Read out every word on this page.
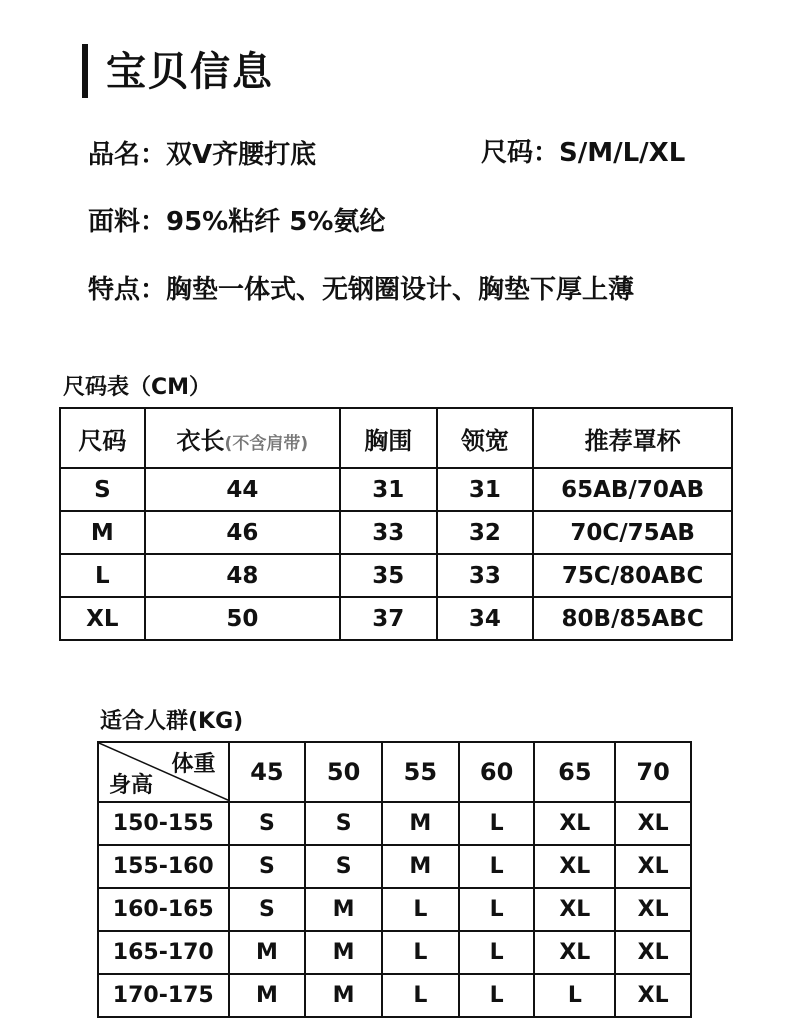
宝贝信息
品名：双V齐腰打底	尺码：S/M/L/XL
面料：95%粘纤 5%氨纶
特点：胸垫一体式、无钢圈设计、胸垫下厚上薄
尺码表（CM）
尺码	衣长(不含肩带)	胸围	领宽	推荐罩杯
S	44	31	31	65AB/70AB
M	46	33	32	70C/75AB
L	48	35	33	75C/80ABC
XL	50	37	34	80B/85ABC
适合人群(KG)
体重
身高	45	50	55	60	65	70
150-155	S	S	M	L	XL	XL
155-160	S	S	M	L	XL	XL
160-165	S	M	L	L	XL	XL
165-170	M	M	L	L	XL	XL
170-175	M	M	L	L	L	XL
